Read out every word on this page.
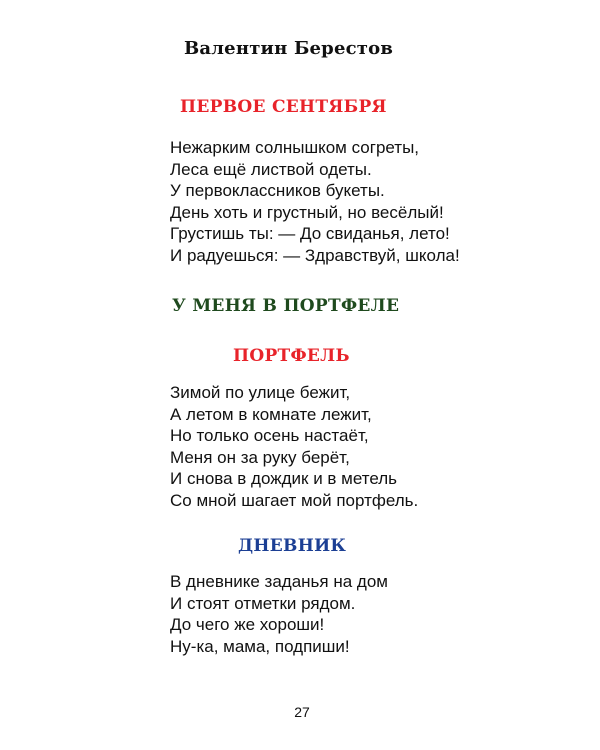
Валентин Берестов
ПЕРВОЕ СЕНТЯБРЯ
Нежарким солнышком согреты,
Леса ещё листвой одеты.
У первоклассников букеты.
День хоть и грустный, но весёлый!
Грустишь ты: — До свиданья, лето!
И радуешься: — Здравствуй, школа!
У МЕНЯ В ПОРТФЕЛЕ
ПОРТФЕЛЬ
Зимой по улице бежит,
А летом в комнате лежит,
Но только осень настаёт,
Меня он за руку берёт,
И снова в дождик и в метель
Со мной шагает мой портфель.
ДНЕВНИК
В дневнике заданья на дом
И стоят отметки рядом.
До чего же хороши!
Ну-ка, мама, подпиши!
27
